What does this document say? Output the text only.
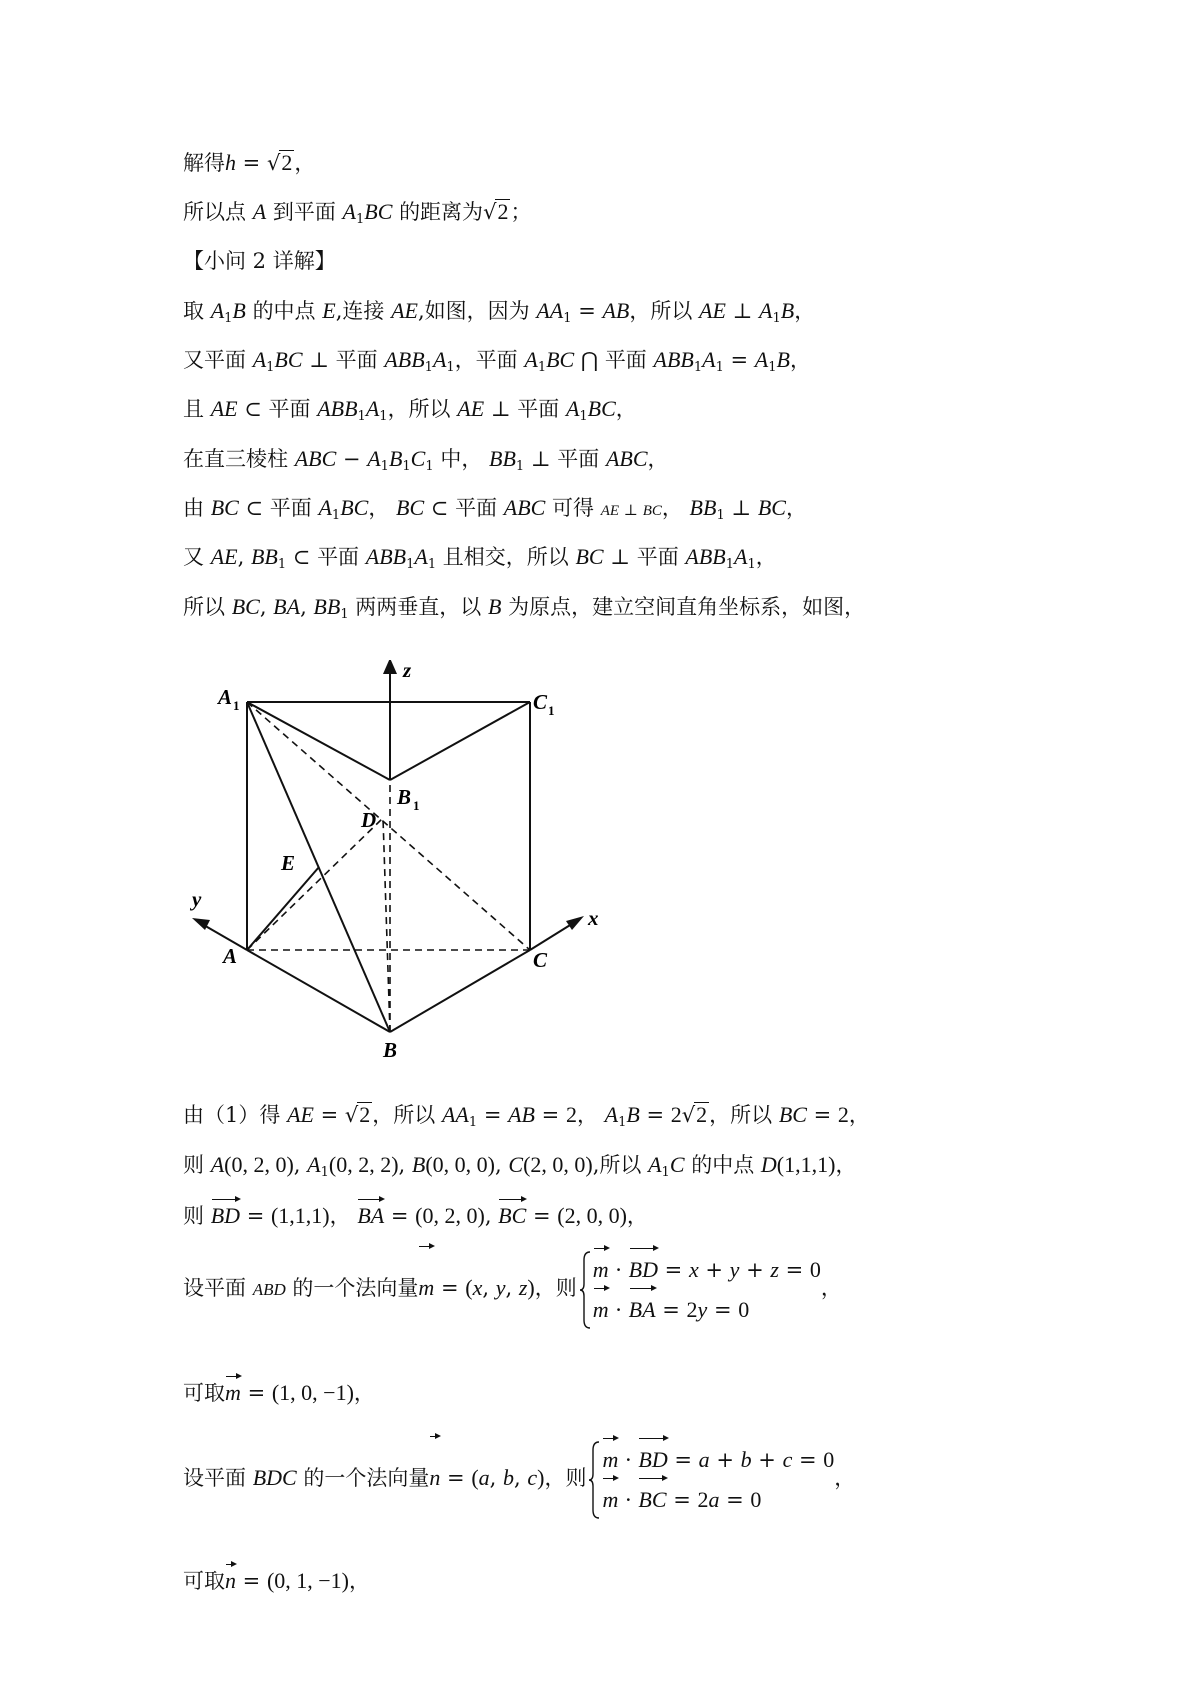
解得h = √2，
所以点 A 到平面 $A_1BC$ 的距离为√2；
【小问 2 详解】
取 $A_1B$ 的中点 E,连接 AE,如图，因为 $AA_1$ = AB，所以 AE ⊥ $A_1B$，
又平面 $A_1BC$ ⊥ 平面 $ABB_1A_1$，平面 $A_1BC$ ⋂ 平面 $ABB_1A_1 = A_1B$，
且 AE ⊂ 平面 $ABB_1A_1$，所以 AE ⊥ 平面 $A_1BC$，
在直三棱柱 ABC − $A_1B_1C_1$ 中， $BB_1$ ⊥ 平面 ABC，
由 BC ⊂ 平面 $A_1BC$， BC ⊂ 平面 ABC 可得 AE ⊥ BC， $BB_1$ ⊥ BC，
又 AE, $BB_1$ ⊂ 平面 $ABB_1A_1$ 且相交，所以 BC ⊥ 平面 $ABB_1A_1$，
所以 BC, BA, $BB_1$ 两两垂直，以 B 为原点，建立空间直角坐标系，如图，
A 1	C 1
B 1
D
E
A	C
B
x
y
z
由（1）得 AE = √2，所以 $AA_1$ = AB = 2， $A_1B = 2√2$，所以 BC = 2，
则 A(0, 2, 0), $A_1(0$, 2, 2), B(0, 0, 0), C(2, 0, 0),所以 $A_1C$ 的中点 D(1,1,1)，
则 BD = (1,1,1)， BA = (0, 2, 0), BC = (2, 0, 0)，
设平面 ABD 的一个法向量m = (x, y, z)，则
m · BD = x + y + z = 0
m · BA = 2y = 0
，
可取m = (1, 0, −1)，
设平面 BDC 的一个法向量n = (a, b, c)，则
m · BD = a + b + c = 0
m · BC = 2a = 0
，
可取n = (0, 1, −1)，
